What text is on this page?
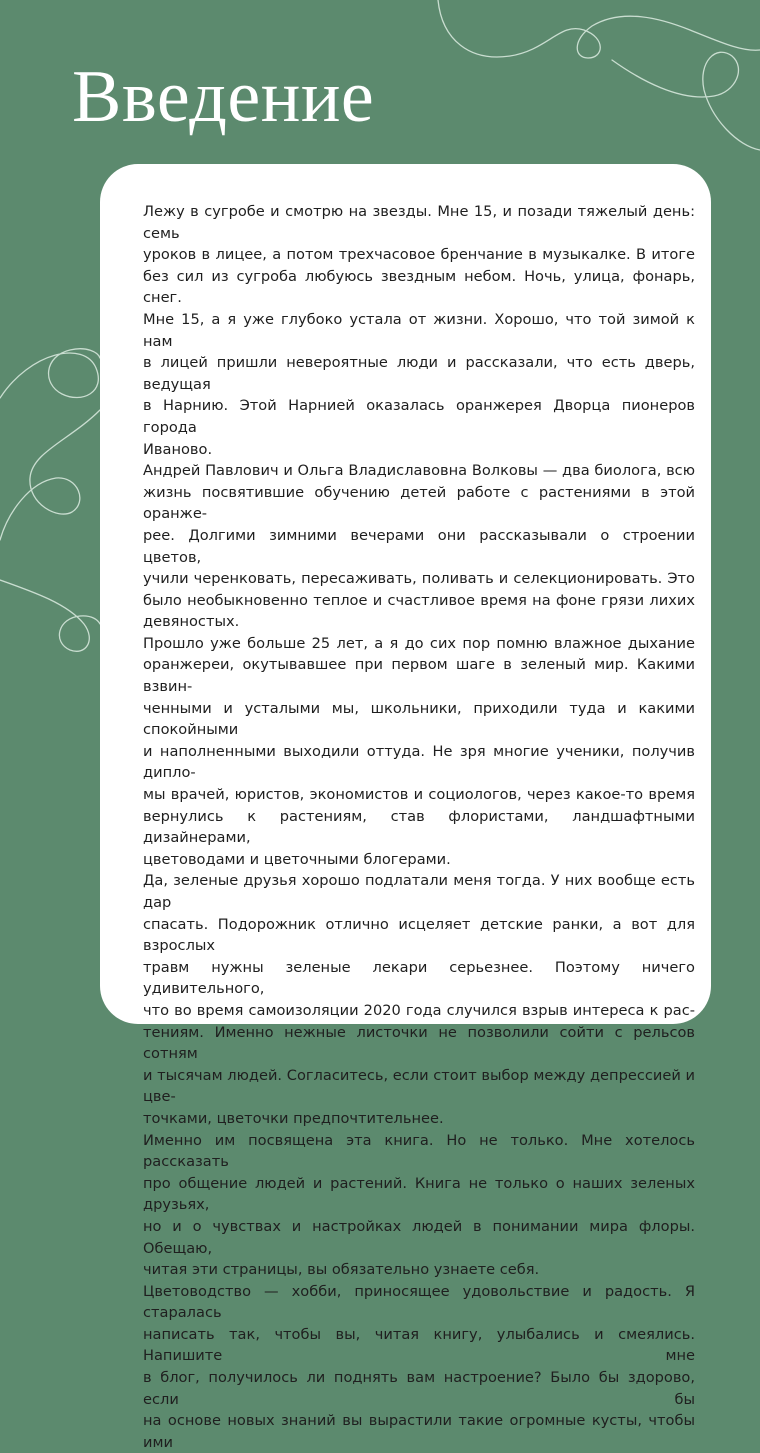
Введение

Лежу в сугробе и смотрю на звезды. Мне 15, и позади тяжелый день: семь

уроков в лицее, а потом трехчасовое бренчание в музыкалке. В итоге

без сил из сугроба любуюсь звездным небом. Ночь, улица, фонарь, снег.

Мне 15, а я уже глубоко устала от жизни. Хорошо, что той зимой к нам

в лицей пришли невероятные люди и рассказали, что есть дверь, ведущая

в Нарнию. Этой Нарнией оказалась оранжерея Дворца пионеров города

Иваново.

Андрей Павлович и Ольга Владиславовна Волковы — два биолога, всю

жизнь посвятившие обучению детей работе с растениями в этой оранже-

рее. Долгими зимними вечерами они рассказывали о строении цветов,

учили черенковать, пересаживать, поливать и селекционировать. Это

было необыкновенно теплое и счастливое время на фоне грязи лихих

девяностых.

Прошло уже больше 25 лет, а я до сих пор помню влажное дыхание

оранжереи, окутывавшее при первом шаге в зеленый мир. Какими взвин-

ченными и усталыми мы, школьники, приходили туда и какими спокойными

и наполненными выходили оттуда. Не зря многие ученики, получив дипло-

мы врачей, юристов, экономистов и социологов, через какое-то время

вернулись к растениям, став флористами, ландшафтными дизайнерами,

цветоводами и цветочными блогерами.

Да, зеленые друзья хорошо подлатали меня тогда. У них вообще есть дар

спасать. Подорожник отлично исцеляет детские ранки, а вот для взрослых

травм нужны зеленые лекари серьезнее. Поэтому ничего удивительного,

что во время самоизоляции 2020 года случился взрыв интереса к рас-

тениям. Именно нежные листочки не позволили сойти с рельсов сотням

и тысячам людей. Согласитесь, если стоит выбор между депрессией и цве-

точками, цветочки предпочтительнее.

Именно им посвящена эта книга. Но не только. Мне хотелось рассказать

про общение людей и растений. Книга не только о наших зеленых друзьях,

но и о чувствах и настройках людей в понимании мира флоры. Обещаю,

читая эти страницы, вы обязательно узнаете себя.

Цветоводство — хобби, приносящее удовольствие и радость. Я старалась

написать так, чтобы вы, читая книгу, улыбались и смеялись. Напишите мне

в блог, получилось ли поднять вам настроение? Было бы здорово, если бы

на основе новых знаний вы вырастили такие огромные кусты, чтобы ими
